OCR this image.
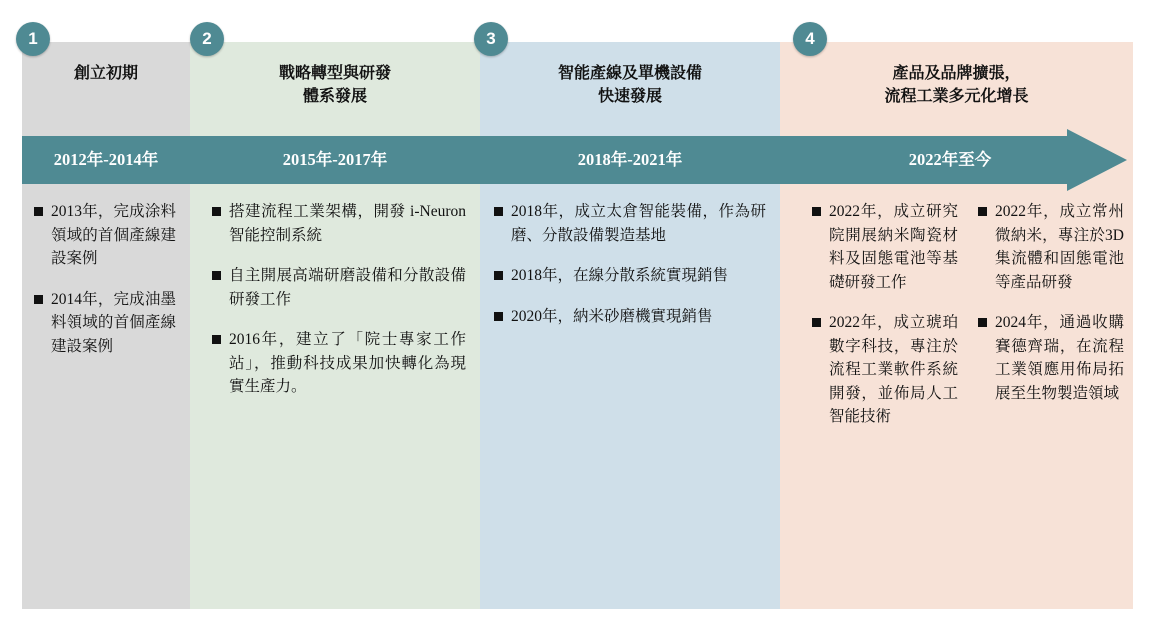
1	2	3	4
創立初期	戰略轉型與研發
體系發展
智能產線及單機設備
快速發展
產品及品牌擴張，
流程工業多元化增長
2012年-2014年	2015年-2017年	2018年-2021年	2022年至今
2013年，完成涂料領域的首個產線建設案例
2014年，完成油墨料領域的首個產線建設案例
搭建流程工業架構，開發 i-Neuron智能控制系統
自主開展高端研磨設備和分散設備研發工作
2016年，建立了「院士專家工作站」，推動科技成果加快轉化為現實生產力。
2018年，成立太倉智能裝備，作為研磨、分散設備製造基地
2018年，在線分散系統實現銷售
2020年，納米砂磨機實現銷售
2022年，成立研究院開展納米陶瓷材料及固態電池等基礎研發工作
2022年，成立琥珀數字科技，專注於流程工業軟件系統開發，並佈局人工智能技術
2022年，成立常州微納米，專注於3D集流體和固態電池等產品研發
2024年，通過收購賽德齊瑞，在流程工業領應用佈局拓展至生物製造領域
